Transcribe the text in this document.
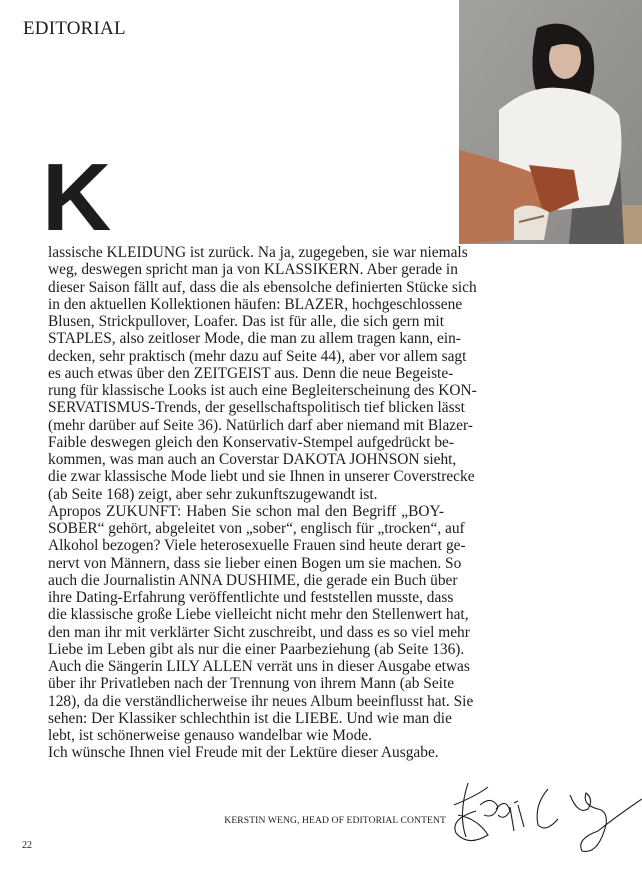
EDITORIAL
K
lassische KLEIDUNG ist zurück. Na ja, zugegeben, sie war niemals
weg, deswegen spricht man ja von KLASSIKERN. Aber gerade in
dieser Saison fällt auf, dass die als ebensolche definierten Stücke sich
in den aktuellen Kollektionen häufen: BLAZER, hochgeschlossene
Blusen, Strickpullover, Loafer. Das ist für alle, die sich gern mit
STAPLES, also zeitloser Mode, die man zu allem tragen kann, ein-
decken, sehr praktisch (mehr dazu auf Seite 44), aber vor allem sagt
es auch etwas über den ZEITGEIST aus. Denn die neue Begeiste-
rung für klassische Looks ist auch eine Begleiterscheinung des KON-
SERVATISMUS-Trends, der gesellschaftspolitisch tief blicken lässt
(mehr darüber auf Seite 36). Natürlich darf aber niemand mit Blazer-
Faible deswegen gleich den Konservativ-Stempel aufgedrückt be-
kommen, was man auch an Coverstar DAKOTA JOHNSON sieht,
die zwar klassische Mode liebt und sie Ihnen in unserer Coverstrecke
(ab Seite 168) zeigt, aber sehr zukunftszugewandt ist.
Apropos ZUKUNFT: Haben Sie schon mal den Begriff „BOY-
SOBER“ gehört, abgeleitet von „sober“, englisch für „trocken“, auf
Alkohol bezogen? Viele heterosexuelle Frauen sind heute derart ge-
nervt von Männern, dass sie lieber einen Bogen um sie machen. So
auch die Journalistin ANNA DUSHIME, die gerade ein Buch über
ihre Dating-Erfahrung veröffentlichte und feststellen musste, dass
die klassische große Liebe vielleicht nicht mehr den Stellenwert hat,
den man ihr mit verklärter Sicht zuschreibt, und dass es so viel mehr
Liebe im Leben gibt als nur die einer Paarbeziehung (ab Seite 136).
Auch die Sängerin LILY ALLEN verrät uns in dieser Ausgabe etwas
über ihr Privatleben nach der Trennung von ihrem Mann (ab Seite
128), da die verständlicherweise ihr neues Album beeinflusst hat. Sie
sehen: Der Klassiker schlechthin ist die LIEBE. Und wie man die
lebt, ist schönerweise genauso wandelbar wie Mode.
Ich wünsche Ihnen viel Freude mit der Lektüre dieser Ausgabe.
KERSTIN WENG, HEAD OF EDITORIAL CONTENT
22
